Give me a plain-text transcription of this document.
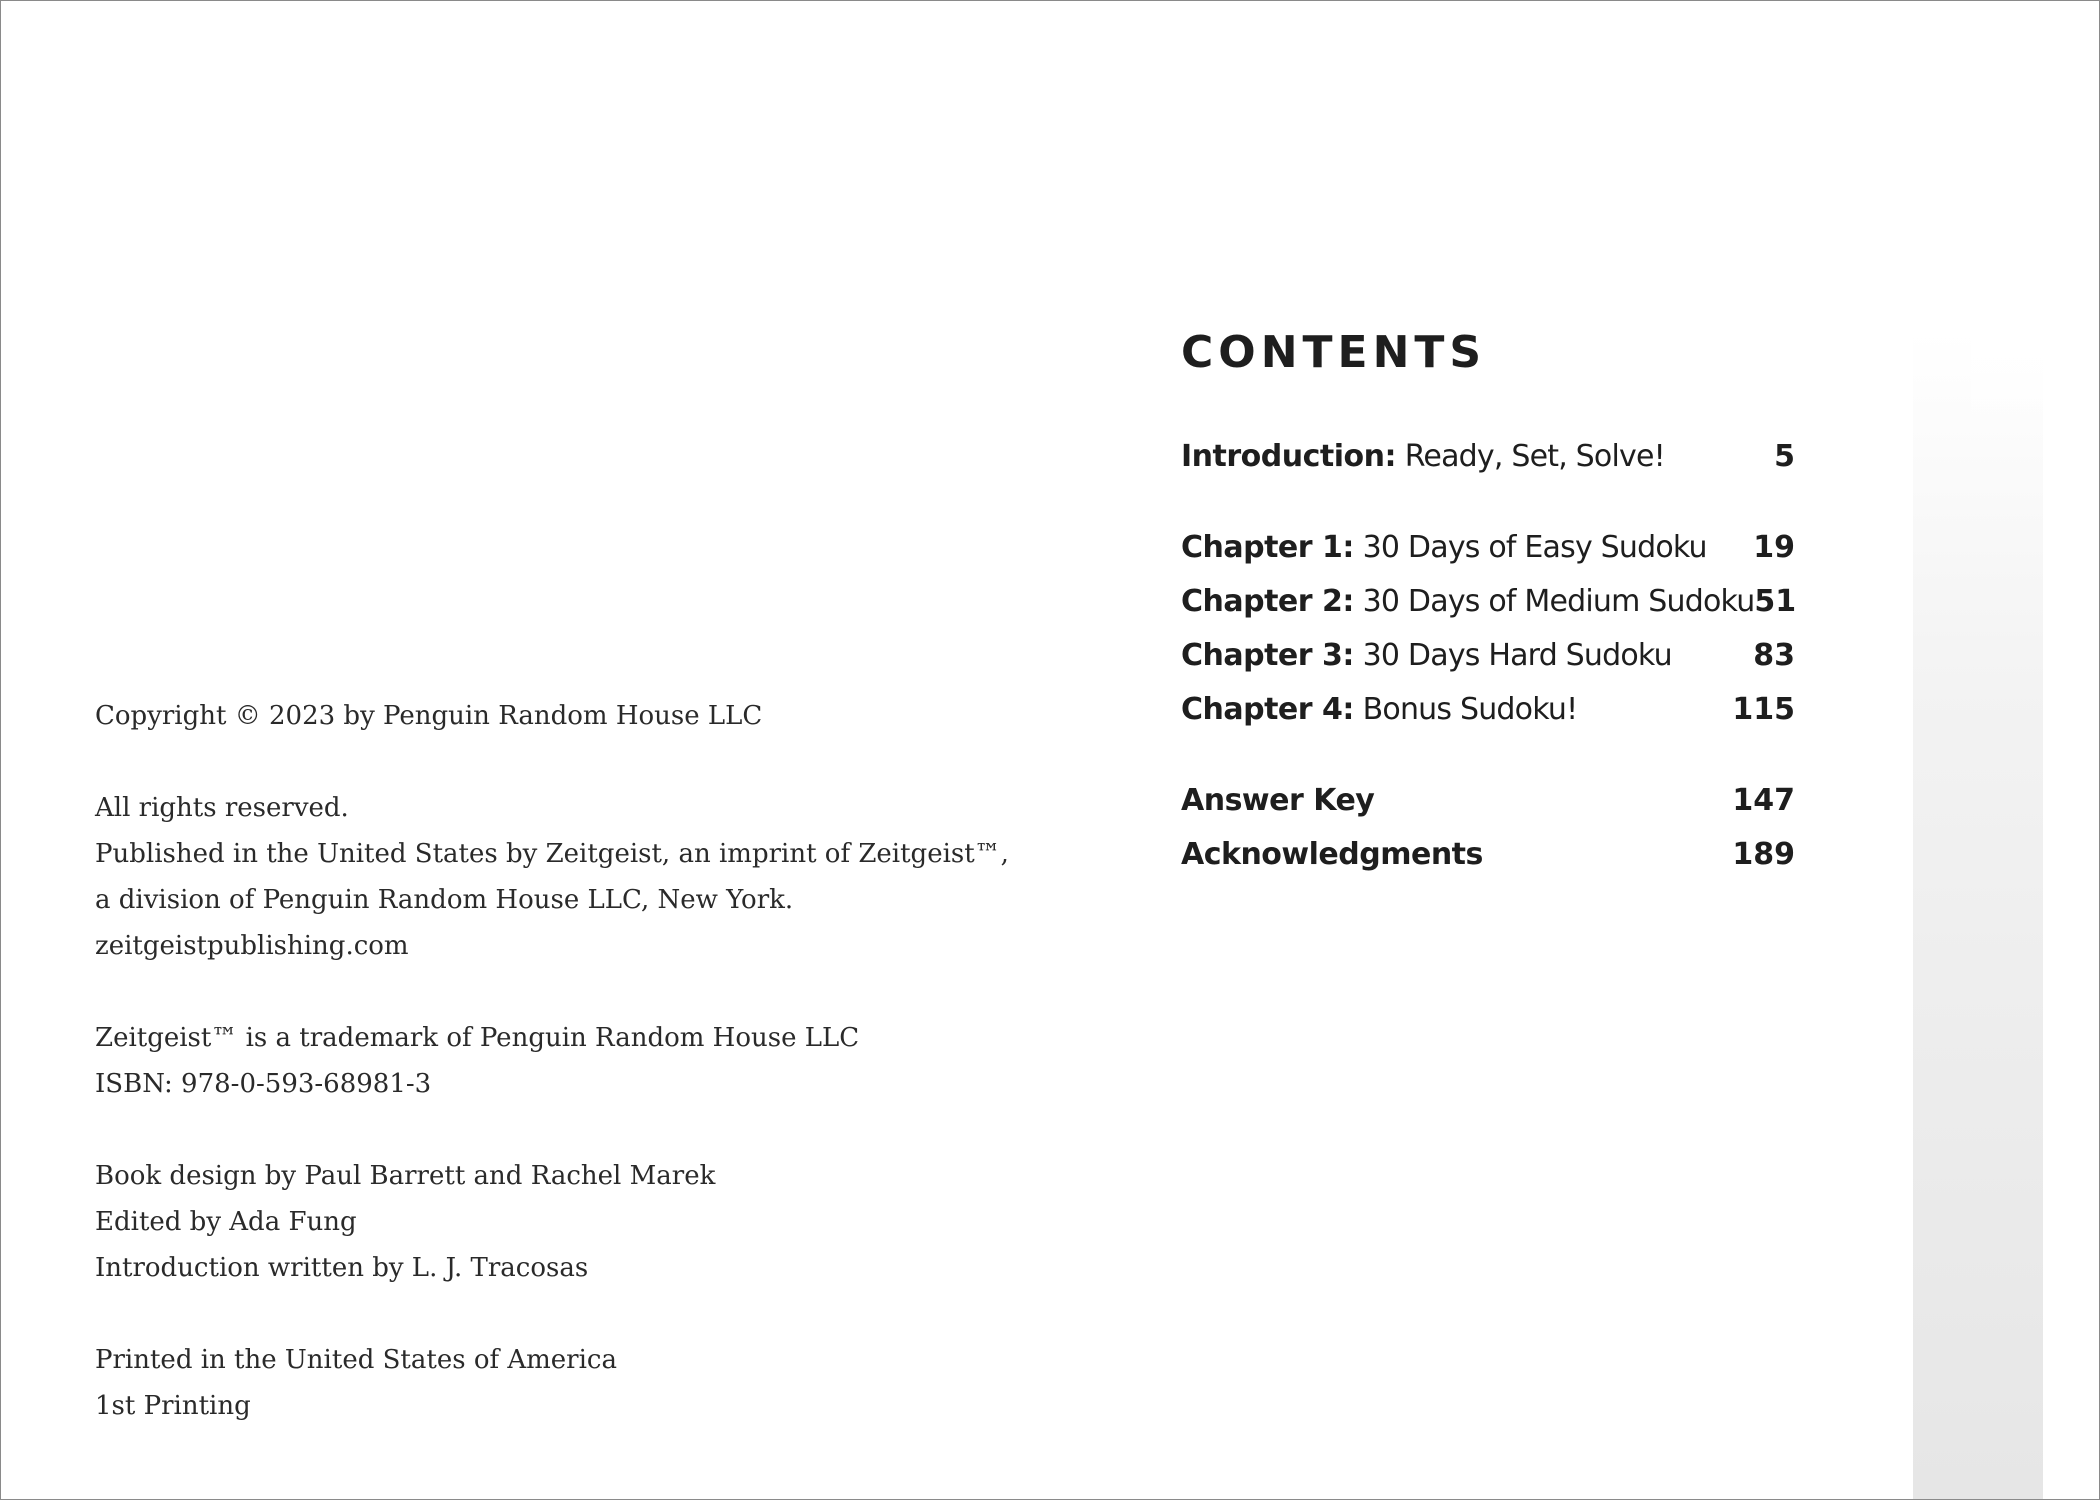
Copyright © 2023 by Penguin Random House LLC
All rights reserved.
Published in the United States by Zeitgeist, an imprint of Zeitgeist™,
a division of Penguin Random House LLC, New York.
zeitgeistpublishing.com
Zeitgeist™ is a trademark of Penguin Random House LLC
ISBN: 978-0-593-68981-3
Book design by Paul Barrett and Rachel Marek
Edited by Ada Fung
Introduction written by L. J. Tracosas
Printed in the United States of America
1st Printing
CONTENTS
Introduction: Ready, Set, Solve!	5
Chapter 1: 30 Days of Easy Sudoku 19
Chapter 2: 30 Days of Medium Sudoku 51
Chapter 3: 30 Days Hard Sudoku	83
Chapter 4: Bonus Sudoku!	115
Answer Key	147
Acknowledgments	189
